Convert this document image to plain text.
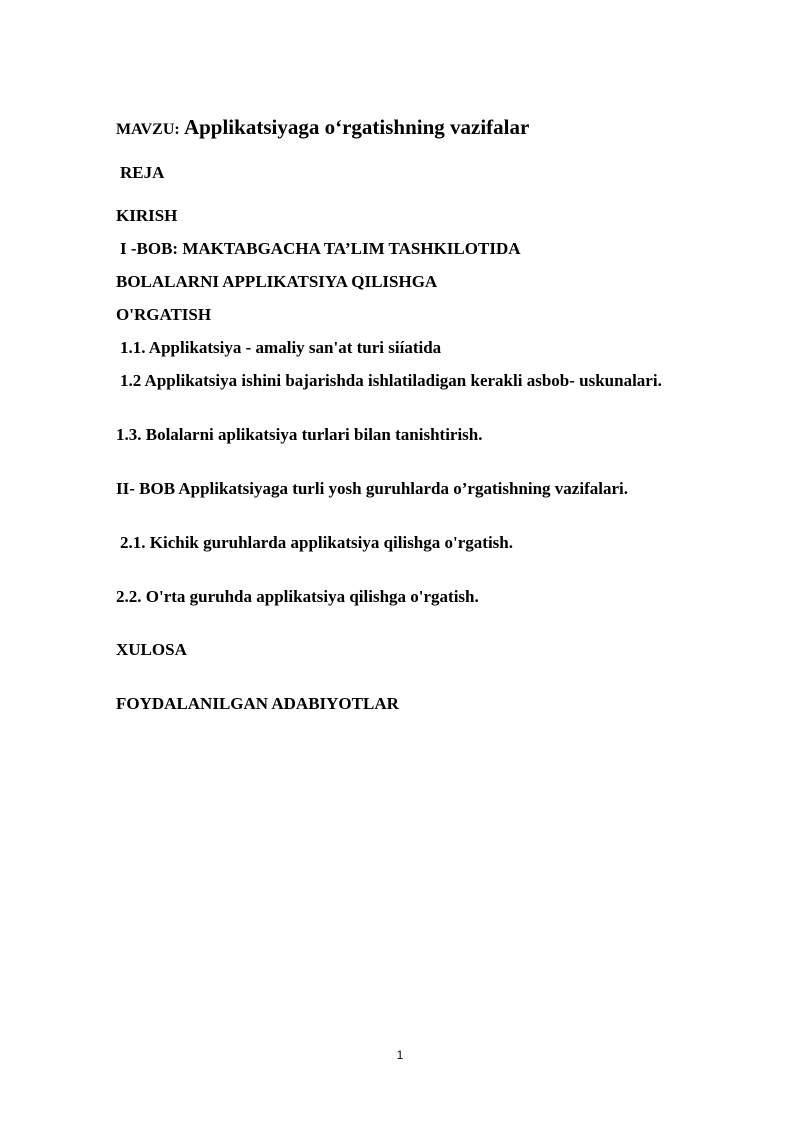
MAVZU: Applikatsiyaga o‘rgatishning vazifalar
REJA
KIRISH
I -BOB: MAKTABGACHA TA’LIM TASHKILOTIDA
BOLALARNI APPLIKATSIYA QILISHGA
O'RGATISH
1.1. Applikatsiya - amaliy san'at turi siíatida
1.2 Applikatsiya ishini bajarishda ishlatiladigan kerakli asbob- uskunalari.
1.3. Bolalarni aplikatsiya turlari bilan tanishtirish.
II- BOB Applikatsiyaga turli yosh guruhlarda o’rgatishning vazifalari.
2.1. Kichik guruhlarda applikatsiya qilishga o'rgatish.
2.2. O'rta guruhda applikatsiya qilishga o'rgatish.
XULOSA
FOYDALANILGAN ADABIYOTLAR
1
